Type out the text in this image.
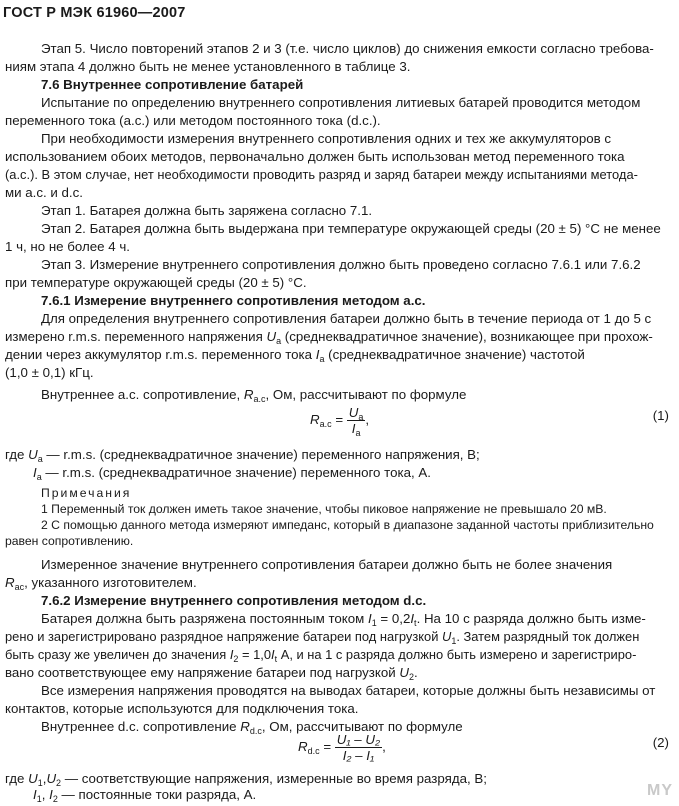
ГОСТ Р МЭК 61960—2007
Этап 5. Число повторений этапов 2 и 3 (т.е. число циклов) до снижения емкости согласно требова-
ниям этапа 4 должно быть не менее установленного в таблице 3.
7.6 Внутреннее сопротивление батарей
Испытание по определению внутреннего сопротивления литиевых батарей проводится методом
переменного тока (а.с.) или методом постоянного тока (d.c.).
При необходимости измерения внутреннего сопротивления одних и тех же аккумуляторов с
использованием обоих методов, первоначально должен быть использован метод переменного тока
(а.с.). В этом случае, нет необходимости проводить разряд и заряд батареи между испытаниями метода-
ми а.с. и d.c.
Этап 1. Батарея должна быть заряжена согласно 7.1.
Этап 2. Батарея должна быть выдержана при температуре окружающей среды (20 ± 5) °С не менее
1 ч, но не более 4 ч.
Этап 3. Измерение внутреннего сопротивления должно быть проведено согласно 7.6.1 или 7.6.2
при температуре окружающей среды (20 ± 5) °С.
7.6.1 Измерение внутреннего сопротивления методом а.с.
Для определения внутреннего сопротивления батареи должно быть в течение периода от 1 до 5 с
измерено r.m.s. переменного напряжения $U_а$ (среднеквадратичное значение), возникающее при прохож-
дении через аккумулятор r.m.s. переменного тока $I_а$ (среднеквадратичное значение) частотой
(1,0 ± 0,1) кГц.
Внутреннее а.с. сопротивление, $R_{а.с}$, Ом, рассчитывают по формуле
$R_{a.c} = \frac{U_a}{I_a}$ ,	(1)
где $U_а$ — r.m.s. (среднеквадратичное значение) переменного напряжения, В;
$I_а$ — r.m.s. (среднеквадратичное значение) переменного тока, А.
Примечания
1 Переменный ток должен иметь такое значение, чтобы пиковое напряжение не превышало 20 мВ.
2 С помощью данного метода измеряют импеданс, который в диапазоне заданной частоты приблизительно
равен сопротивлению.
Измеренное значение внутреннего сопротивления батареи должно быть не более значения
$R_{ac}$, указанного изготовителем.
7.6.2 Измерение внутреннего сопротивления методом d.c.
Батарея должна быть разряжена постоянным током $I_1 = 0,2I_t$. На 10 с разряда должно быть изме-
рено и зарегистрировано разрядное напряжение батареи под нагрузкой $U_1$. Затем разрядный ток должен
быть сразу же увеличен до значения $I_2 = 1,0I_t$ А, и на 1 с разряда должно быть измерено и зарегистриро-
вано соответствующее ему напряжение батареи под нагрузкой $U_2$.
Все измерения напряжения проводятся на выводах батареи, которые должны быть независимы от
контактов, которые используются для подключения тока.
Внутреннее d.c. сопротивление $R_{d.c}$, Ом, рассчитывают по формуле
$R_{d.c} = \frac{\text{U₁ – U₂}}{\text{I₂ – I₁}}$ ,	(2)
где $U_1,U_2$ — соответствующие напряжения, измеренные во время разряда, В;
$I_1$, $I_2$ — постоянные токи разряда, А.	MY
